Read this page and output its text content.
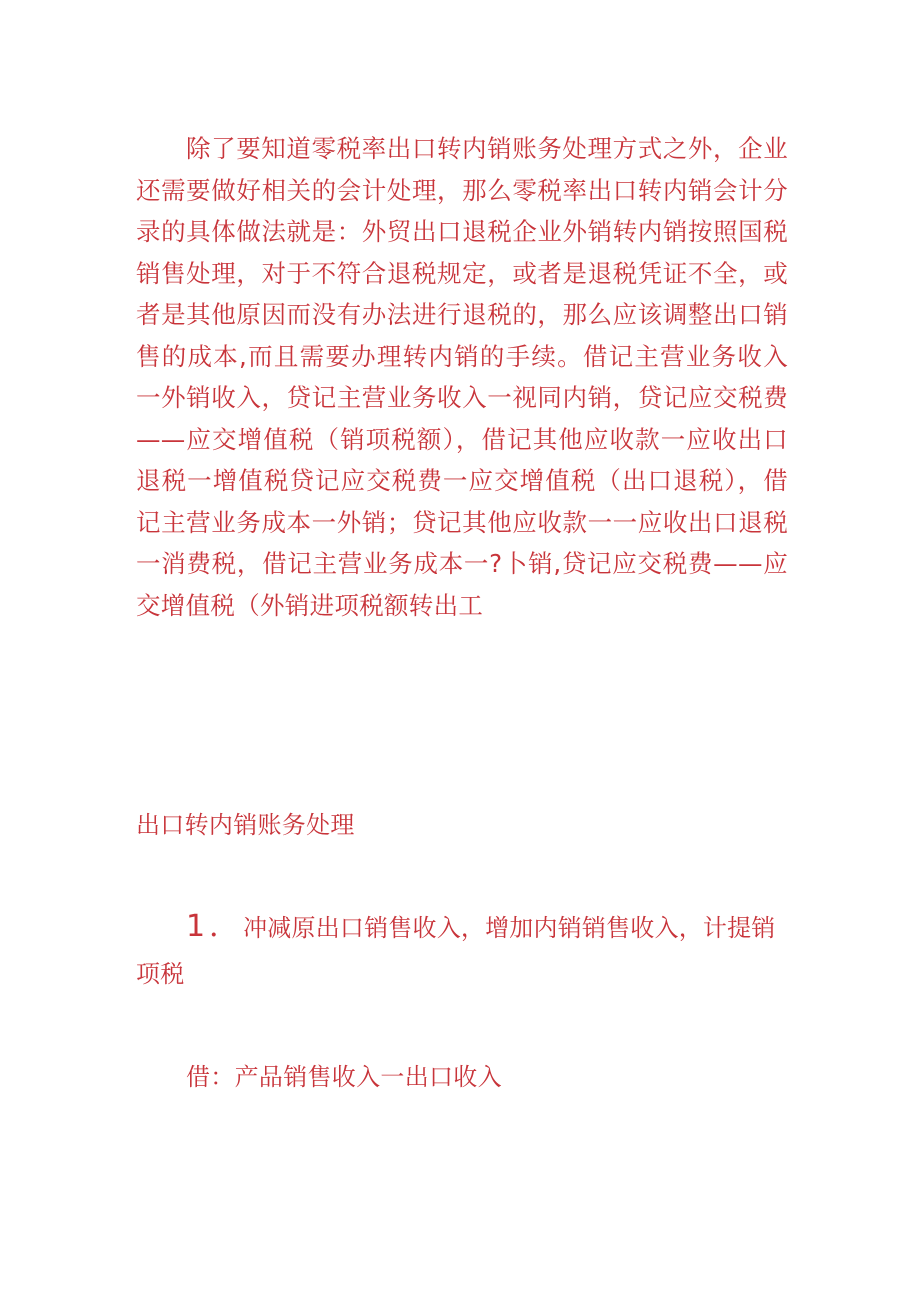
除了要知道零税率出口转内销账务处理方式之外，企业还需要做好相关的会计处理，那么零税率出口转内销会计分录的具体做法就是：外贸出口退税企业外销转内销按照国税销售处理，对于不符合退税规定，或者是退税凭证不全，或者是其他原因而没有办法进行退税的，那么应该调整出口销售的成本,而且需要办理转内销的手续。借记主营业务收入一外销收入，贷记主营业务收入一视同内销，贷记应交税费——应交增值税（销项税额），借记其他应收款一应收出口退税一增值税贷记应交税费一应交增值税（出口退税），借记主营业务成本一外销；贷记其他应收款一一应收出口退税一消费税，借记主营业务成本一?卜销,贷记应交税费——应交增值税（外销进项税额转出工

出口转内销账务处理

1．冲减原出口销售收入，增加内销销售收入，计提销项税

借：产品销售收入一出口收入
